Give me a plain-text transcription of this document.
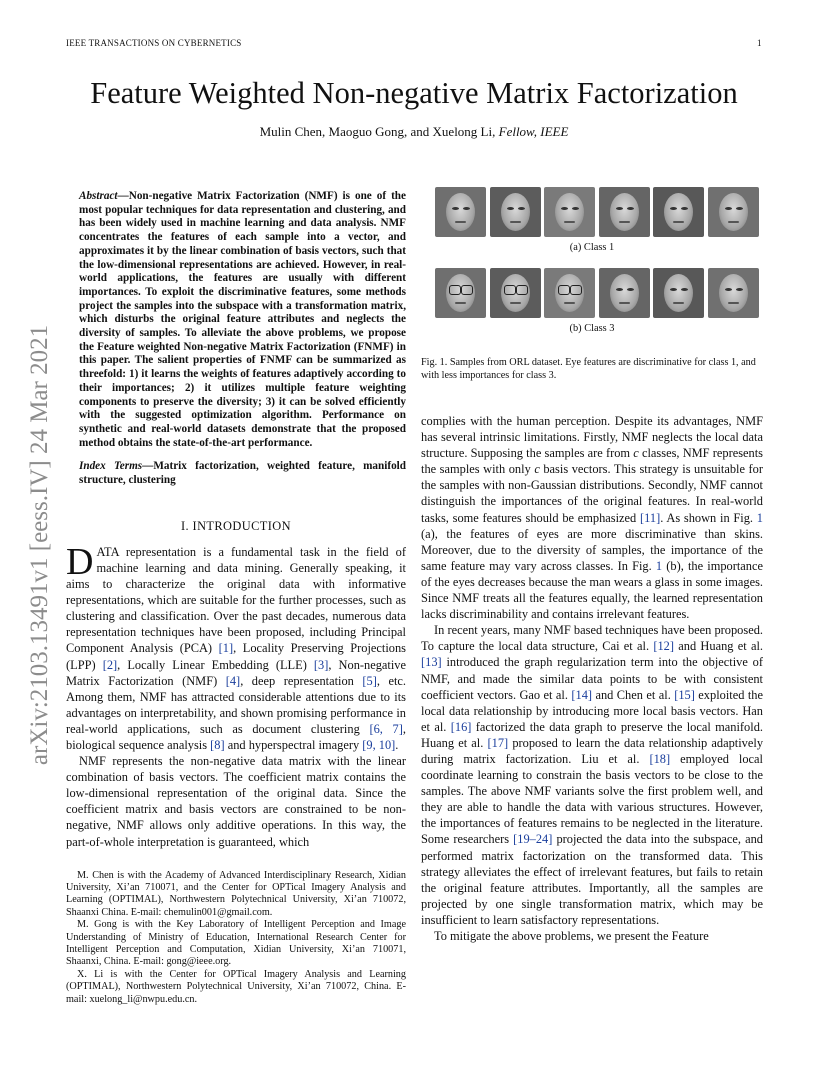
IEEE TRANSACTIONS ON CYBERNETICS	1
Feature Weighted Non-negative Matrix Factorization
Mulin Chen, Maoguo Gong, and Xuelong Li, Fellow, IEEE
arXiv:2103.13491v1 [eess.IV] 24 Mar 2021

Abstract—Non-negative Matrix Factorization (NMF) is one of the most popular techniques for data representation and clustering, and has been widely used in machine learning and data analysis. NMF concentrates the features of each sample into a vector, and approximates it by the linear combination of basis vectors, such that the low-dimensional representations are achieved. However, in real-world applications, the features are usually with different importances. To exploit the discriminative features, some methods project the samples into the subspace with a transformation matrix, which disturbs the original feature attributes and neglects the diversity of samples. To alleviate the above problems, we propose the Feature weighted Non-negative Matrix Factorization (FNMF) in this paper. The salient properties of FNMF can be summarized as threefold: 1) it learns the weights of features adaptively according to their importances; 2) it utilizes multiple feature weighting components to preserve the diversity; 3) it can be solved efficiently with the suggested optimization algorithm. Performance on synthetic and real-world datasets demonstrate that the proposed method obtains the state-of-the-art performance.

Index Terms—Matrix factorization, weighted feature, manifold structure, clustering

I. INTRODUCTION

DATA representation is a fundamental task in the field of machine learning and data mining. Generally speaking, it aims to characterize the original data with informative representations, which are suitable for the further processes, such as clustering and classification. Over the past decades, numerous data representation techniques have been proposed, including Principal Component Analysis (PCA) [1], Locality Preserving Projections (LPP) [2], Locally Linear Embedding (LLE) [3], Non-negative Matrix Factorization (NMF) [4], deep representation [5], etc. Among them, NMF has attracted considerable attentions due to its advantages on interpretability, and shown promising performance in real-world applications, such as document clustering [6, 7], biological sequence analysis [8] and hyperspectral imagery [9, 10].

NMF represents the non-negative data matrix with the linear combination of basis vectors. The coefficient matrix contains the low-dimensional representation of the original data. Since the coefficient matrix and basis vectors are constrained to be non-negative, NMF allows only additive operations. In this way, the part-of-whole interpretation is guaranteed, which

M. Chen is with the Academy of Advanced Interdisciplinary Research, Xidian University, Xi’an 710071, and the Center for OPTical Imagery Analysis and Learning (OPTIMAL), Northwestern Polytechnical University, Xi’an 710072, Shaanxi China. E-mail: chemulin001@gmail.com.

M. Gong is with the Key Laboratory of Intelligent Perception and Image Understanding of Ministry of Education, International Research Center for Intelligent Perception and Computation, Xidian University, Xi’an 710071, Shaanxi, China. E-mail: gong@ieee.org.

X. Li is with the Center for OPTical Imagery Analysis and Learning (OPTIMAL), Northwestern Polytechnical University, Xi’an 710072, China. E-mail: xuelong_li@nwpu.edu.cn.

(a) Class 1
(b) Class 3
Fig. 1. Samples from ORL dataset. Eye features are discriminative for class 1, and with less importances for class 3.

complies with the human perception. Despite its advantages, NMF has several intrinsic limitations. Firstly, NMF neglects the local data structure. Supposing the samples are from c classes, NMF represents the samples with only c basis vectors. This strategy is unsuitable for the samples with non-Gaussian distributions. Secondly, NMF cannot distinguish the importances of the original features. In real-world tasks, some features should be emphasized [11]. As shown in Fig. 1 (a), the features of eyes are more discriminative than skins. Moreover, due to the diversity of samples, the importance of the same feature may vary across classes. In Fig. 1 (b), the importance of the eyes decreases because the man wears a glass in some images. Since NMF treats all the features equally, the learned representation lacks discriminability and contains irrelevant features.

In recent years, many NMF based techniques have been proposed. To capture the local data structure, Cai et al. [12] and Huang et al. [13] introduced the graph regularization term into the objective of NMF, and made the similar data points to be with consistent coefficient vectors. Gao et al. [14] and Chen et al. [15] exploited the local data relationship by introducing more local basis vectors. Han et al. [16] factorized the data graph to preserve the local manifold. Huang et al. [17] proposed to learn the data relationship adaptively during matrix factorization. Liu et al. [18] employed local coordinate learning to constrain the basis vectors to be close to the samples. The above NMF variants solve the first problem well, and they are able to handle the data with various structures. However, the importances of features remains to be neglected in the literature. Some researchers [19–24] projected the data into the subspace, and performed matrix factorization on the transformed data. This strategy alleviates the effect of irrelevant features, but fails to retain the original feature attributes. Importantly, all the samples are projected by one single transformation matrix, which may be insufficient to learn satisfactory representations.

To mitigate the above problems, we present the Feature
